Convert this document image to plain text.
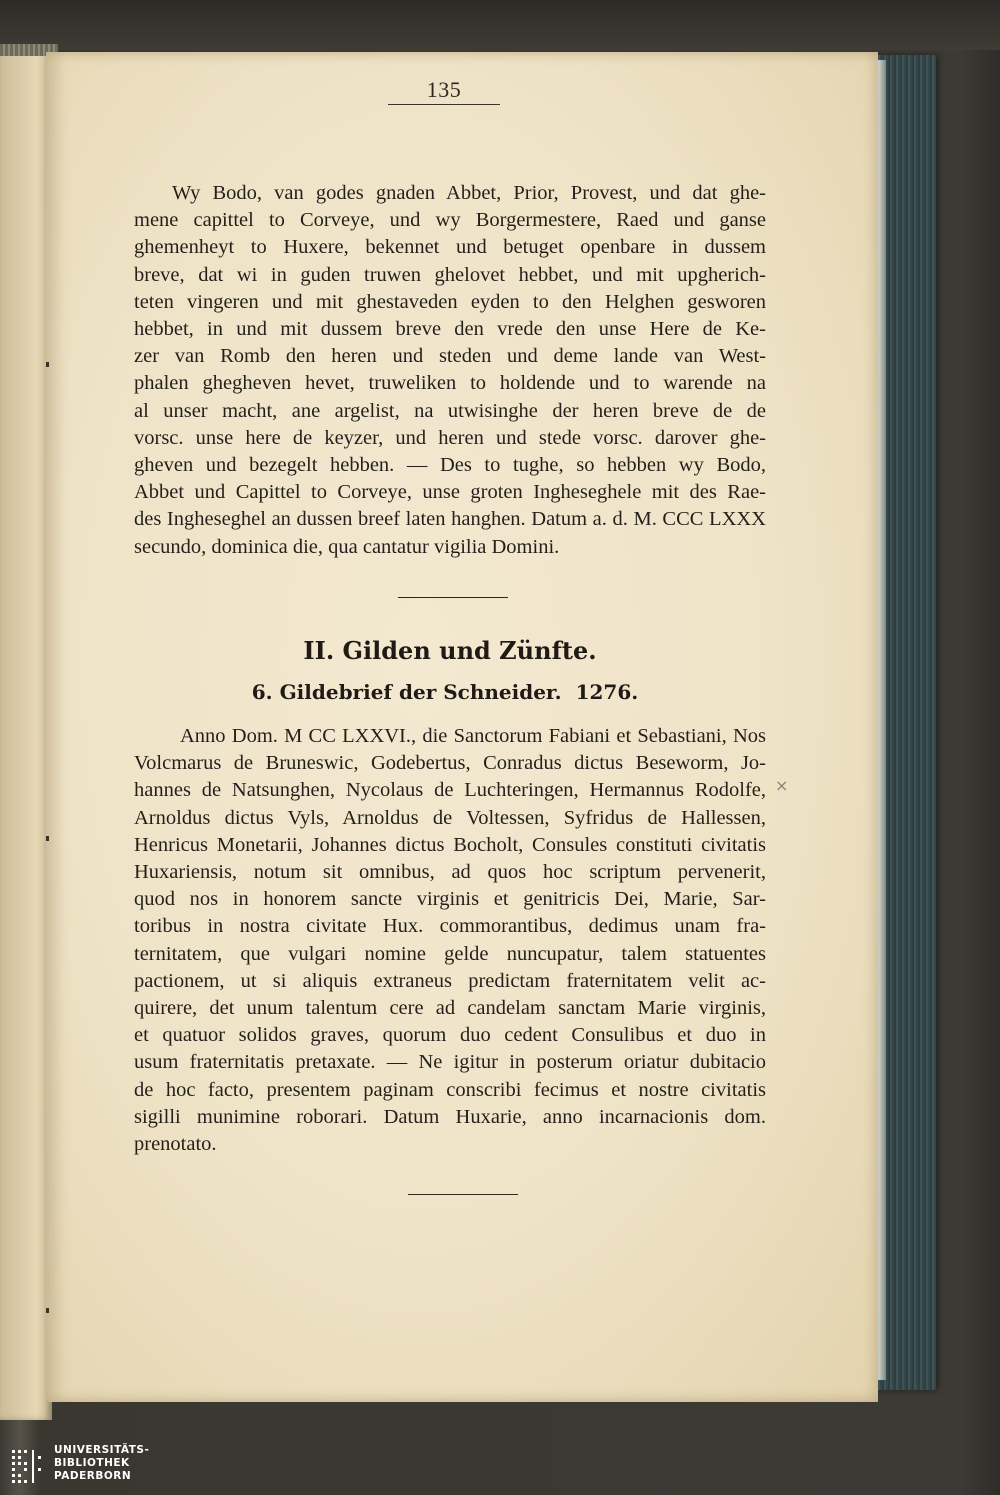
135

Wy Bodo, van godes gnaden Abbet, Prior, Provest, und dat ghe-
mene capittel to Corveye, und wy Borgermestere, Raed und ganse
ghemenheyt to Huxere, bekennet und betuget openbare in dussem
breve, dat wi in guden truwen ghelovet hebbet, und mit upgherich-
teten vingeren und mit ghestaveden eyden to den Helghen gesworen
hebbet, in und mit dussem breve den vrede den unse Here de Ke-
zer van Romb den heren und steden und deme lande van West-
phalen ghegheven hevet, truweliken to holdende und to warende na
al unser macht, ane argelist, na utwisinghe der heren breve de de
vorsc. unse here de keyzer, und heren und stede vorsc. darover ghe-
gheven und bezegelt hebben. — Des to tughe, so hebben wy Bodo,
Abbet und Capittel to Corveye, unse groten Ingheseghele mit des Rae-
des Ingheseghel an dussen breef laten hanghen. Datum a. d. M. CCC LXXX
secundo, dominica die, qua cantatur vigilia Domini.

II. Gilden und Zünfte.
6. Gildebrief der Schneider. 1276.

Anno Dom. M CC LXXVI., die Sanctorum Fabiani et Sebastiani, Nos
Volcmarus de Bruneswic, Godebertus, Conradus dictus Beseworm, Jo-
hannes de Natsunghen, Nycolaus de Luchteringen, Hermannus Rodolfe,
Arnoldus dictus Vyls, Arnoldus de Voltessen, Syfridus de Hallessen,
Henricus Monetarii, Johannes dictus Bocholt, Consules constituti civitatis
Huxariensis, notum sit omnibus, ad quos hoc scriptum pervenerit,
quod nos in honorem sancte virginis et genitricis Dei, Marie, Sar-
toribus in nostra civitate Hux. commorantibus, dedimus unam fra-
ternitatem, que vulgari nomine gelde nuncupatur, talem statuentes
pactionem, ut si aliquis extraneus predictam fraternitatem velit ac-
quirere, det unum talentum cere ad candelam sanctam Marie virginis,
et quatuor solidos graves, quorum duo cedent Consulibus et duo in
usum fraternitatis pretaxate. — Ne igitur in posterum oriatur dubitacio
de hoc facto, presentem paginam conscribi fecimus et nostre civitatis
sigilli munimine roborari. Datum Huxarie, anno incarnacionis dom.
prenotato.

×
UNIVERSITÄTS-
BIBLIOTHEK
PADERBORN
